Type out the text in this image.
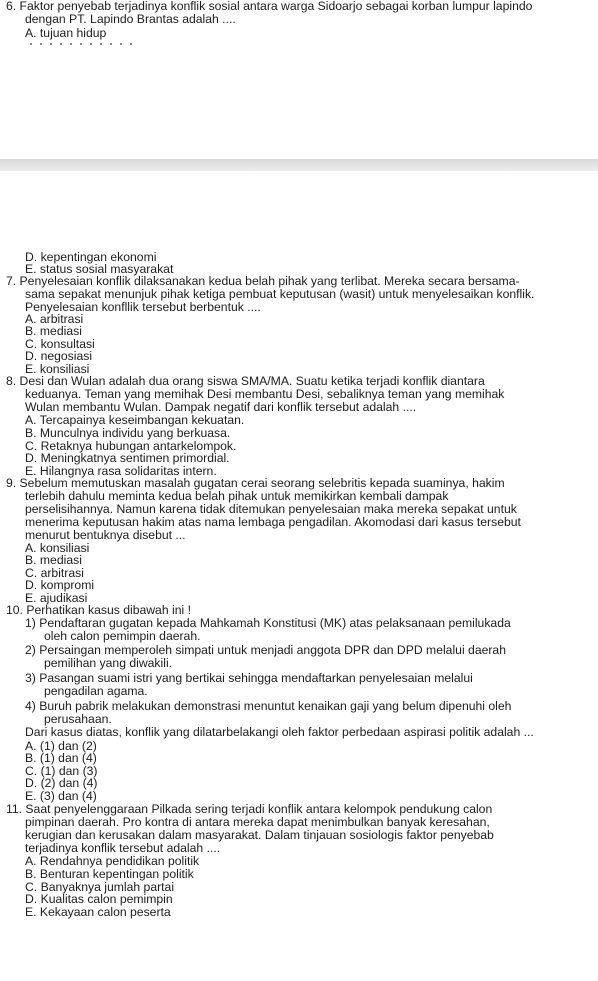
6. Faktor penyebab terjadinya konflik sosial antara warga Sidoarjo sebagai korban lumpur lapindo
dengan PT. Lapindo Brantas adalah ....
A. tujuan hidup
D. kepentingan ekonomi
E. status sosial masyarakat
7. Penyelesaian konflik dilaksanakan kedua belah pihak yang terlibat. Mereka secara bersama-
sama sepakat menunjuk pihak ketiga pembuat keputusan (wasit) untuk menyelesaikan konflik.
Penyelesaian konfllik tersebut berbentuk ....
A. arbitrasi
B. mediasi
C. konsultasi
D. negosiasi
E. konsiliasi
8. Desi dan Wulan adalah dua orang siswa SMA/MA. Suatu ketika terjadi konflik diantara
keduanya. Teman yang memihak Desi membantu Desi, sebaliknya teman yang memihak
Wulan membantu Wulan. Dampak negatif dari konflik tersebut adalah ....
A. Tercapainya keseimbangan kekuatan.
B. Munculnya individu yang berkuasa.
C. Retaknya hubungan antarkelompok.
D. Meningkatnya sentimen primordial.
E. Hilangnya rasa solidaritas intern.
9. Sebelum memutuskan masalah gugatan cerai seorang selebritis kepada suaminya, hakim
terlebih dahulu meminta kedua belah pihak untuk memikirkan kembali dampak
perselisihannya. Namun karena tidak ditemukan penyelesaian maka mereka sepakat untuk
menerima keputusan hakim atas nama lembaga pengadilan. Akomodasi dari kasus tersebut
menurut bentuknya disebut ...
A. konsiliasi
B. mediasi
C. arbitrasi
D. kompromi
E. ajudikasi
10. Perhatikan kasus dibawah ini !
1) Pendaftaran gugatan kepada Mahkamah Konstitusi (MK) atas pelaksanaan pemilukada
oleh calon pemimpin daerah.
2) Persaingan memperoleh simpati untuk menjadi anggota DPR dan DPD melalui daerah
pemilihan yang diwakili.
3) Pasangan suami istri yang bertikai sehingga mendaftarkan penyelesaian melalui
pengadilan agama.
4) Buruh pabrik melakukan demonstrasi menuntut kenaikan gaji yang belum dipenuhi oleh
perusahaan.
Dari kasus diatas, konflik yang dilatarbelakangi oleh faktor perbedaan aspirasi politik adalah ...
A. (1) dan (2)
B. (1) dan (4)
C. (1) dan (3)
D. (2) dan (4)
E. (3) dan (4)
11. Saat penyelenggaraan Pilkada sering terjadi konflik antara kelompok pendukung calon
pimpinan daerah. Pro kontra di antara mereka dapat menimbulkan banyak keresahan,
kerugian dan kerusakan dalam masyarakat. Dalam tinjauan sosiologis faktor penyebab
terjadinya konflik tersebut adalah ....
A. Rendahnya pendidikan politik
B. Benturan kepentingan politik
C. Banyaknya jumlah partai
D. Kualitas calon pemimpin
E. Kekayaan calon peserta
